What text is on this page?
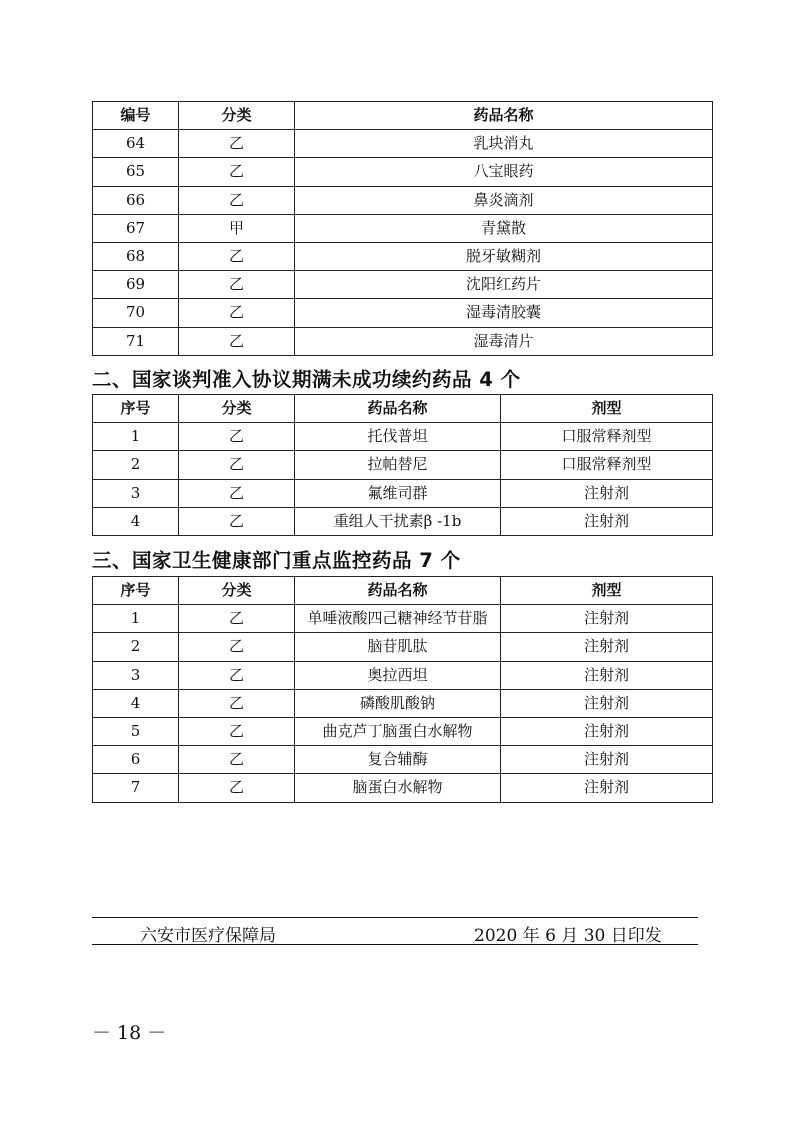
编号	分类	药品名称
64	乙	乳块消丸
65	乙	八宝眼药
66	乙	鼻炎滴剂
67	甲	青黛散
68	乙	脱牙敏糊剂
69	乙	沈阳红药片
70	乙	湿毒清胶囊
71	乙	湿毒清片
二、国家谈判准入协议期满未成功续约药品 4 个
序号	分类	药品名称	剂型
1	乙	托伐普坦	口服常释剂型
2	乙	拉帕替尼	口服常释剂型
3	乙	氟维司群	注射剂
4	乙	重组人干扰素β -1b	注射剂
三、国家卫生健康部门重点监控药品 7 个
序号	分类	药品名称	剂型
1	乙	单唾液酸四己糖神经节苷脂	注射剂
2	乙	脑苷肌肽	注射剂
3	乙	奥拉西坦	注射剂
4	乙	磷酸肌酸钠	注射剂
5	乙	曲克芦丁脑蛋白水解物	注射剂
6	乙	复合辅酶	注射剂
7	乙	脑蛋白水解物	注射剂
六安市医疗保障局	2020 年 6 月 30 日印发
－ 18 －
